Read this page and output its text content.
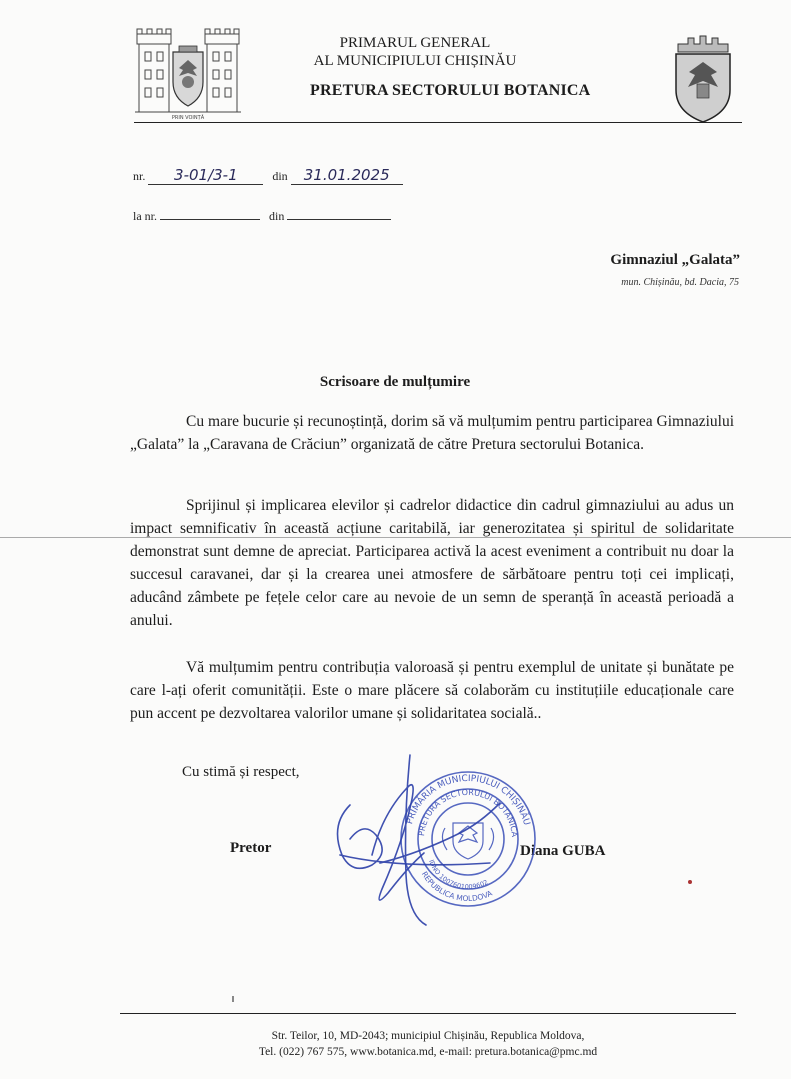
PRIN VOINȚĂ
PRIMARUL GENERAL
AL MUNICIPIULUI CHIȘINĂU
PRETURA SECTORULUI BOTANICA
nr. 3-01/3-1	din 31.01.2025
la nr.	din
Gimnaziul „Galata”
mun. Chișinău, bd. Dacia, 75
Scrisoare de mulțumire
Cu mare bucurie și recunoștință, dorim să vă mulțumim pentru participarea Gimnaziului „Galata” la „Caravana de Crăciun” organizată de către Pretura sectorului Botanica.
Sprijinul și implicarea elevilor și cadrelor didactice din cadrul gimnaziului au adus un impact semnificativ în această acțiune caritabilă, iar generozitatea și spiritul de solidaritate demonstrat sunt demne de apreciat. Participarea activă la acest eveniment a contribuit nu doar la succesul caravanei, dar și la crearea unei atmosfere de sărbătoare pentru toți cei implicați, aducând zâmbete pe fețele celor care au nevoie de un semn de speranță în această perioadă a anului.
Vă mulțumim pentru contribuția valoroasă și pentru exemplul de unitate și bunătate pe care l-ați oferit comunității. Este o mare plăcere să colaborăm cu instituțiile educaționale care pun accent pe dezvoltarea valorilor umane și solidaritatea socială..
Cu stimă și respect,
Pretor	Diana GUBA
PRIMĂRIA MUNICIPIULUI CHIȘINĂU
PRETURA SECTORULUI BOTANICA
REPUBLICA MOLDOVA
IDNO 1007601009602
Str. Teilor, 10, MD-2043; municipiul Chișinău, Republica Moldova,
Tel. (022) 767 575, www.botanica.md, e-mail: pretura.botanica@pmc.md
